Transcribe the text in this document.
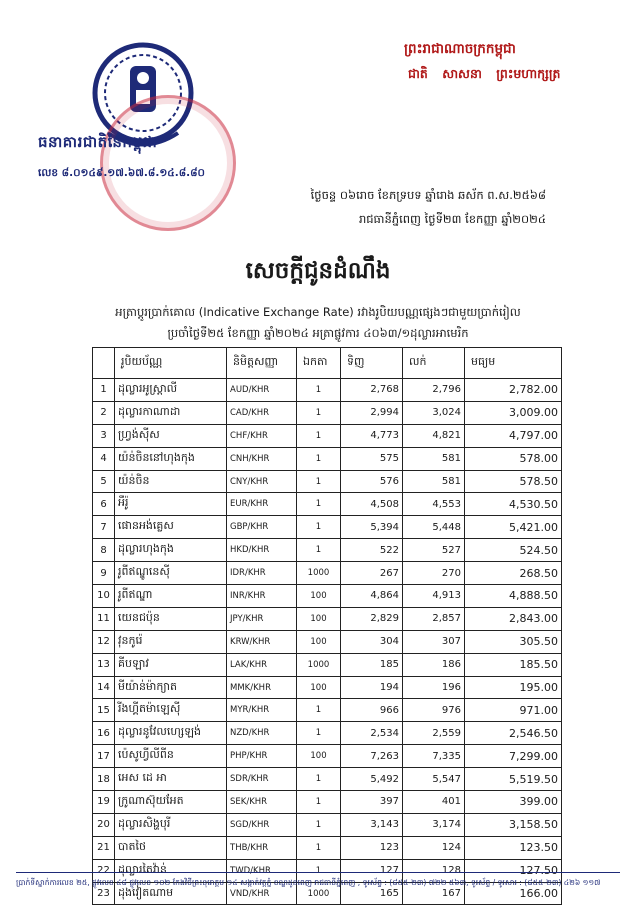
ធនាគារជាតិនៃកម្ពុជា
លេខ ៨.០១៤៩.១៧.៦៧.៨.១៤.៨.៨០
ព្រះរាជាណាចក្រកម្ពុជា
ជាតិ សាសនា ព្រះមហាក្សត្រ
ថ្ងៃចន្ទ ០៦រោច ខែភទ្របទ ឆ្នាំរោង ឆស័ក ព.ស.២៥៦៨
រាជធានីភ្នំពេញ ថ្ងៃទី២៣ ខែកញ្ញា ឆ្នាំ២០២៤
សេចក្តីជូនដំណឹង
អត្រាប្តូរប្រាក់គោល (Indicative Exchange Rate) រវាងរូបិយបណ្ណផ្សេងៗជាមួយប្រាក់រៀល
ប្រចាំថ្ងៃទី២៥ ខែកញ្ញា ឆ្នាំ២០២៤ អត្រាផ្លូវការ ៤០៦៣/១ដុល្លារអាមេរិក
	រូបិយប័ណ្ណ	និមិត្តសញ្ញា	ឯកតា	ទិញ	លក់	មធ្យម
1	ដុល្លារអូស្ត្រាលី	AUD/KHR	1	2,768	2,796	2,782.00
2	ដុល្លារកាណាដា	CAD/KHR	1	2,994	3,024	3,009.00
3	ហ្វ្រង់ស៊ីស	CHF/KHR	1	4,773	4,821	4,797.00
4	យ៉ន់ចិននៅហុងកុង	CNH/KHR	1	575	581	578.00
5	យ៉ន់ចិន	CNY/KHR	1	576	581	578.50
6	អឺរ៉ូ	EUR/KHR	1	4,508	4,553	4,530.50
7	ផោនអង់គ្លេស	GBP/KHR	1	5,394	5,448	5,421.00
8	ដុល្លារហុងកុង	HKD/KHR	1	522	527	524.50
9	រូពីឥណ្ឌូនេស៊ី	IDR/KHR	1000	267	270	268.50
10	រូពីឥណ្ឌា	INR/KHR	100	4,864	4,913	4,888.50
11	យេនជប៉ុន	JPY/KHR	100	2,829	2,857	2,843.00
12	វុនកូរ៉េ	KRW/KHR	100	304	307	305.50
13	គីបឡាវ	LAK/KHR	1000	185	186	185.50
14	មីយ៉ាន់ម៉ាក្យាត	MMK/KHR	100	194	196	195.00
15	រីងហ្គីតម៉ាឡេស៊ី	MYR/KHR	1	966	976	971.00
16	ដុល្លារនូវែលហ្សេឡង់	NZD/KHR	1	2,534	2,559	2,546.50
17	ប៉េសូហ្វីលីពីន	PHP/KHR	100	7,263	7,335	7,299.00
18	អេស ដេ អា	SDR/KHR	1	5,492	5,547	5,519.50
19	ក្រូណាស៊ុយអែត	SEK/KHR	1	397	401	399.00
20	ដុល្លារសិង្ហបុរី	SGD/KHR	1	3,143	3,174	3,158.50
21	បាតថៃ	THB/KHR	1	123	124	123.50
22	ដុល្លារតៃវ៉ាន់	TWD/KHR	1	127	128	127.50
23	ដុងវៀតណាម	VND/KHR	1000	165	167	166.00
ប្រាក់ទីស្នាក់ការលេខ ២៥, ផ្លូវលេខ ៤៨ ផ្លូវលេខ ១០២ កែងវិថីព្រះនុរោត្តម ១៤ សង្កាត់វត្តភ្នំ ខណ្ឌដូនពេញ រាជធានីភ្នំពេញ , ទូរស័ព្ទ : (៨៥៥-២៣) ៧២២ ៥៦៣, ទូរស័ព្ទ / ទូរសារ : (៨៥៥-២៣) ៤២៦ ១១៧
